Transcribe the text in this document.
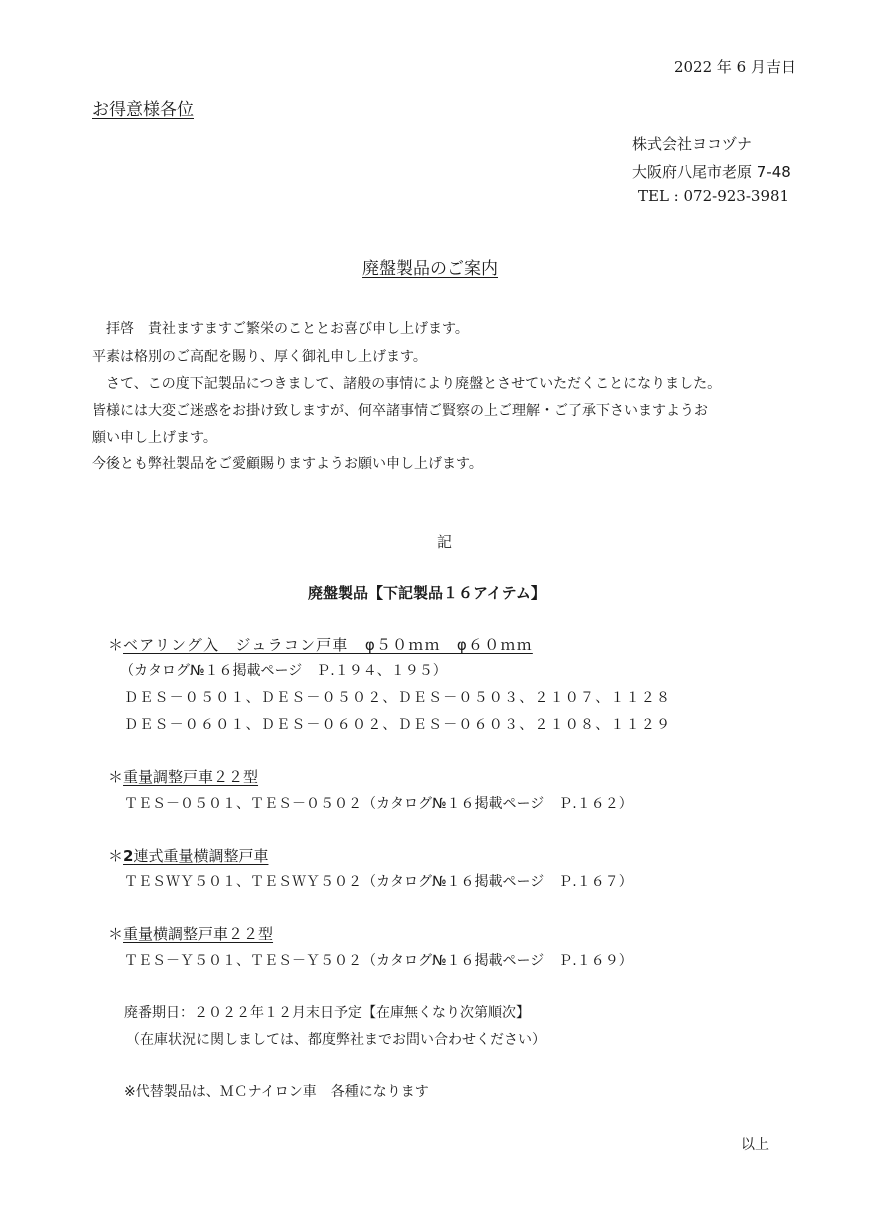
2022 年 6 月吉日
お得意様各位
株式会社ヨコヅナ
大阪府八尾市老原 7-48
TEL : 072-923-3981
廃盤製品のご案内
　拝啓　貴社ますますご繁栄のこととお喜び申し上げます。
平素は格別のご高配を賜り、厚く御礼申し上げます。
　さて、この度下記製品につきまして、諸般の事情により廃盤とさせていただくことになりました。
皆様には大変ご迷惑をお掛け致しますが、何卒諸事情ご賢察の上ご理解・ご了承下さいますようお
願い申し上げます。
今後とも弊社製品をご愛顧賜りますようお願い申し上げます。
記
廃盤製品【下記製品１６アイテム】
＊ベアリング入　ジュラコン戸車　φ５０ｍｍ　φ６０ｍｍ
（カタログ№１６掲載ページ　Ｐ.１９４、１９５）
ＤＥＳ－０５０１、ＤＥＳ－０５０２、ＤＥＳ－０５０３、２１０７、１１２８
ＤＥＳ－０６０１、ＤＥＳ－０６０２、ＤＥＳ－０６０３、２１０８、１１２９
＊重量調整戸車２２型
ＴＥＳ－０５０１、ＴＥＳ－０５０２（カタログ№１６掲載ページ　Ｐ.１６２）
＊2連式重量横調整戸車
ＴＥＳＷＹ５０１、ＴＥＳＷＹ５０２（カタログ№１６掲載ページ　Ｐ.１６７）
＊重量横調整戸車２２型
ＴＥＳ－Ｙ５０１、ＴＥＳ－Ｙ５０２（カタログ№１６掲載ページ　Ｐ.１６９）
廃番期日：２０２２年１２月末日予定【在庫無くなり次第順次】
（在庫状況に関しましては、都度弊社までお問い合わせください）
※代替製品は、ＭＣナイロン車　各種になります
以上
